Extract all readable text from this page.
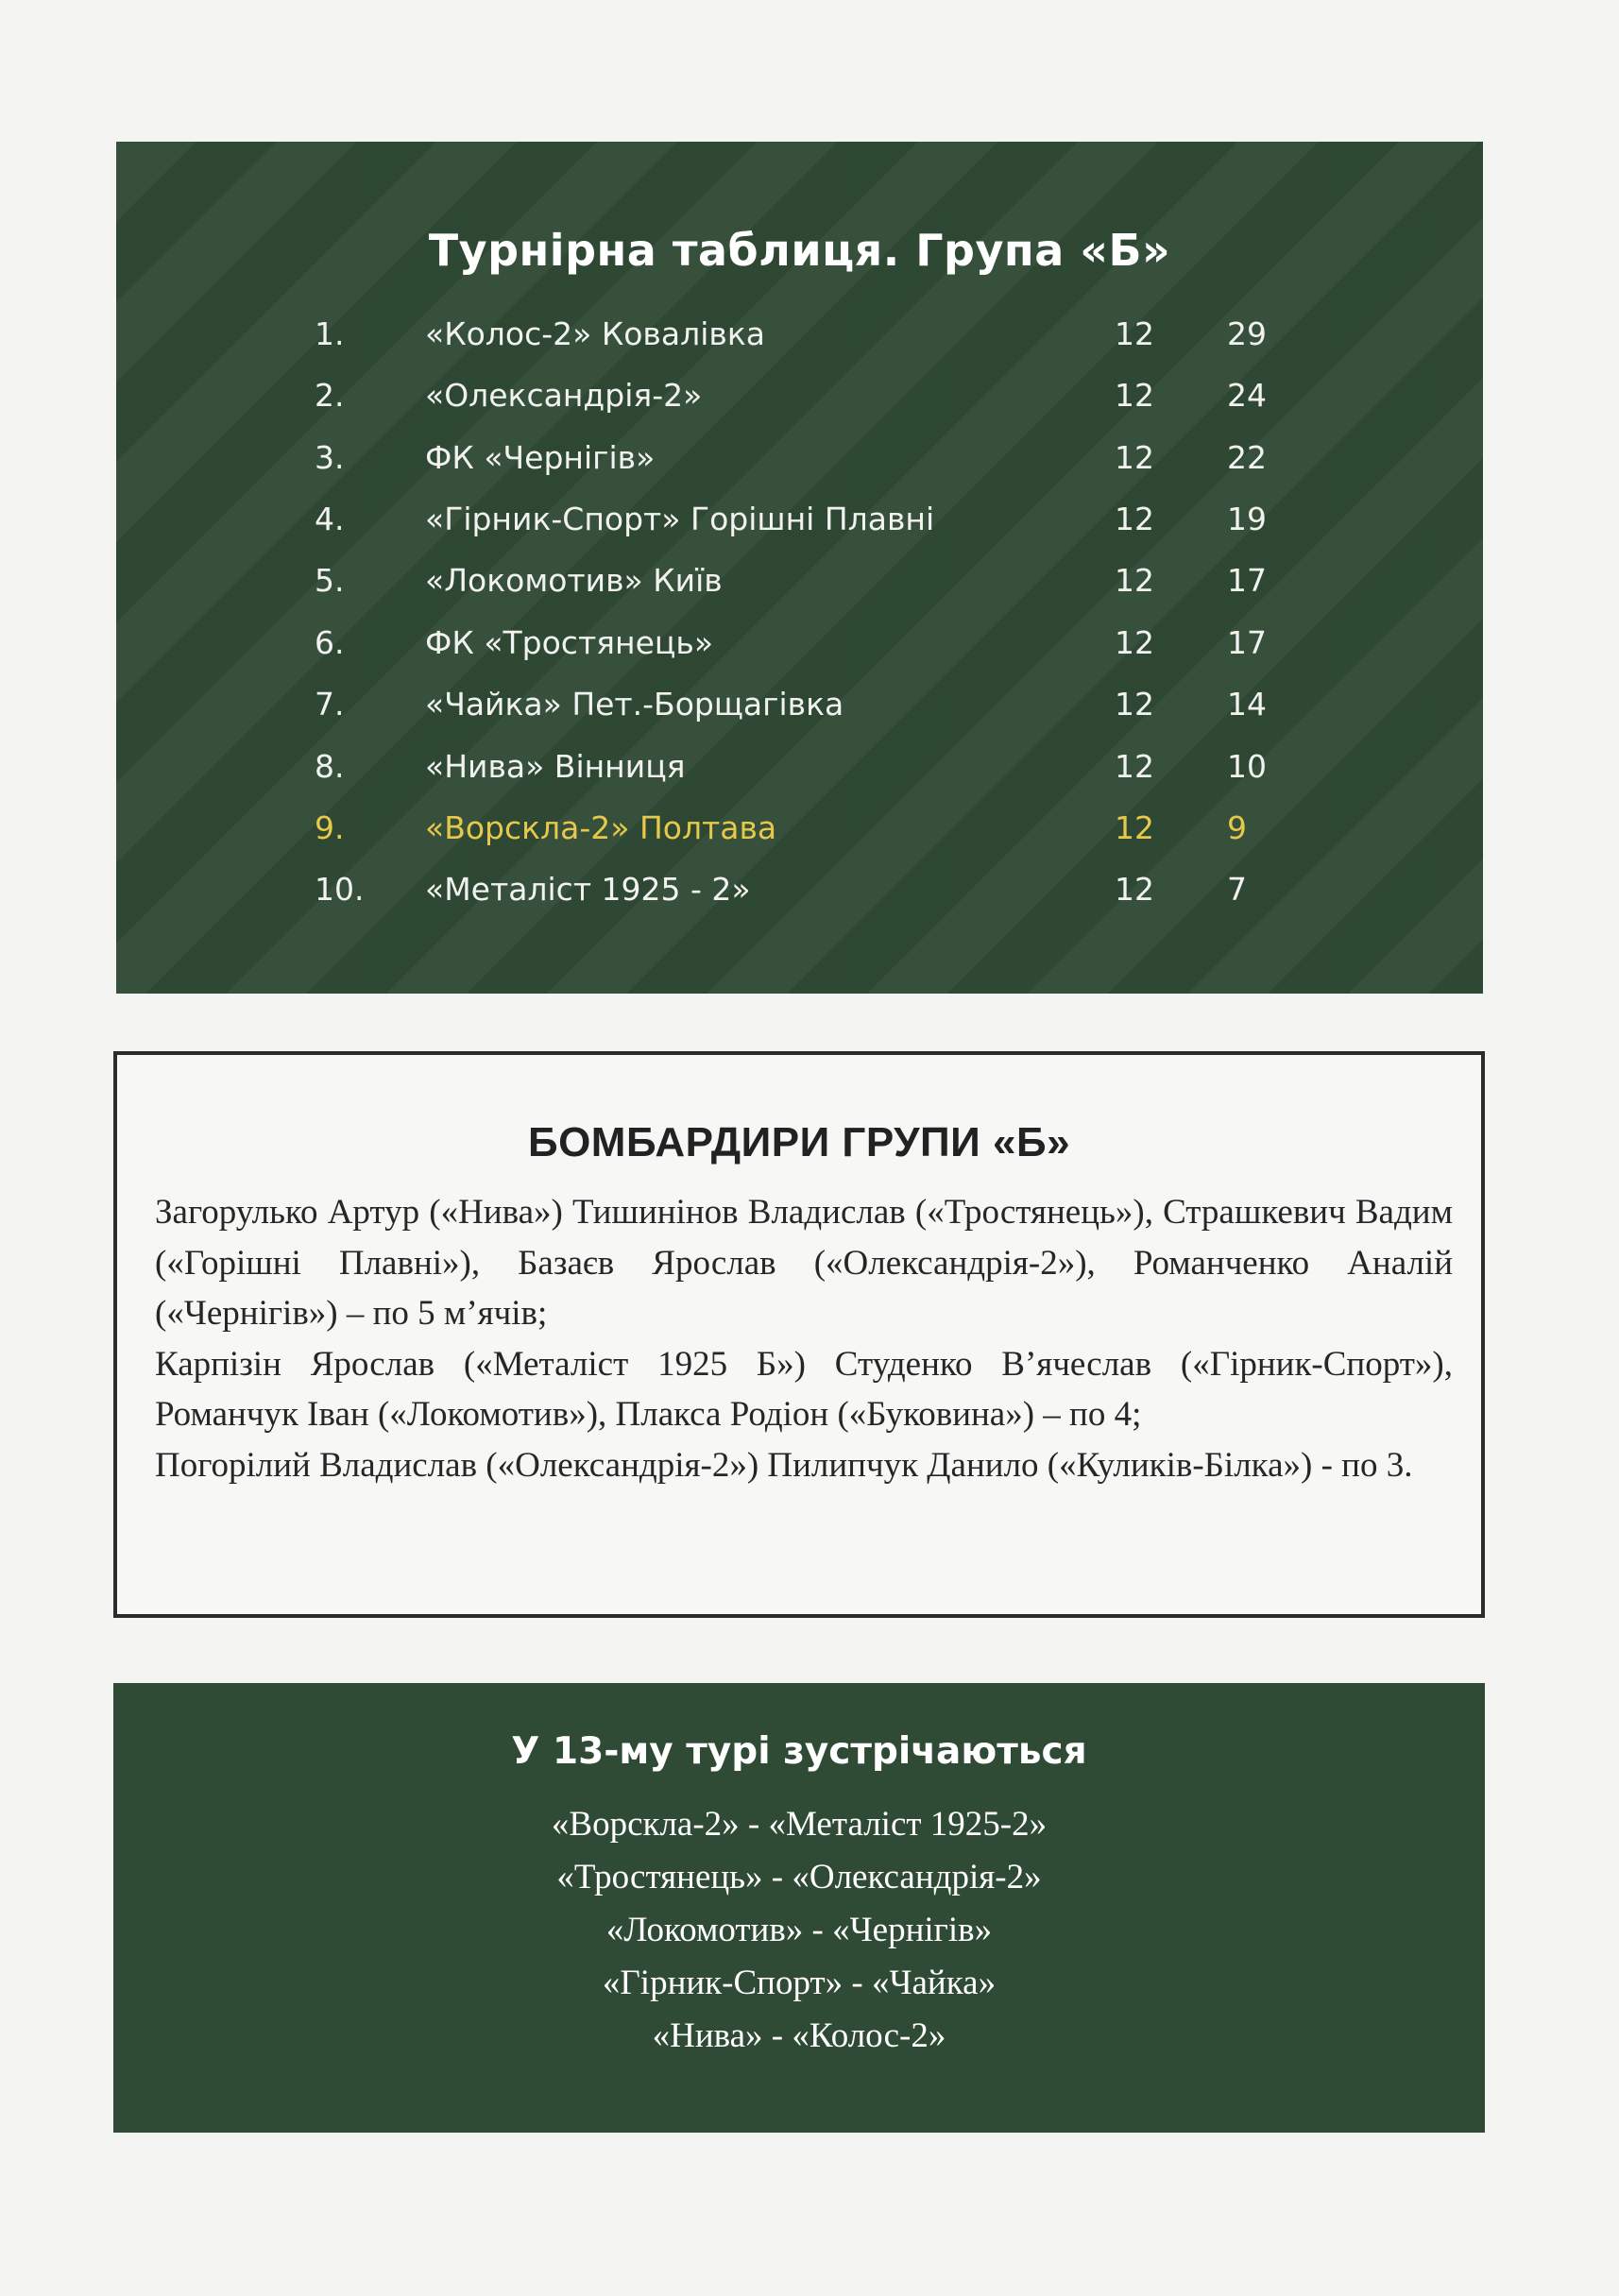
Турнірна таблиця. Група «Б»
1.	«Колос-2» Ковалівка	12 29
2.	«Олександрія-2»	12 24
3.	ФК «Чернігів»	12 22
4.	«Гірник-Спорт» Горішні Плавні	12 19
5.	«Локомотив» Київ	12 17
6.	ФК «Тростянець»	12 17
7.	«Чайка» Пет.-Борщагівка	12 14
8.	«Нива» Вінниця	12 10
9.	«Ворскла-2» Полтава	12 9
10. «Металіст 1925 - 2»	12 7
БОМБАРДИРИ ГРУПИ «Б»

Загорулько Артур («Нива») Тишинінов Владислав («Тростянець»), Страшкевич Вадим («Горішні Плавні»), Базаєв Ярослав («Олександрія-2»), Романченко Аналій («Чернігів») – по 5 м’ячів;

Карпізін Ярослав («Металіст 1925 Б») Студенко В’ячеслав («Гірник-Спорт»), Романчук Іван («Локомотив»), Плакса Родіон («Буковина») – по 4;

Погорілий Владислав («Олександрія-2») Пилипчук Данило («Куликів-Білка») - по 3.

У 13-му турі зустрічаються
«Ворскла-2» - «Металіст 1925-2»
«Тростянець» - «Олександрія-2»
«Локомотив» - «Чернігів»
«Гірник-Спорт» - «Чайка»
«Нива» - «Колос-2»
